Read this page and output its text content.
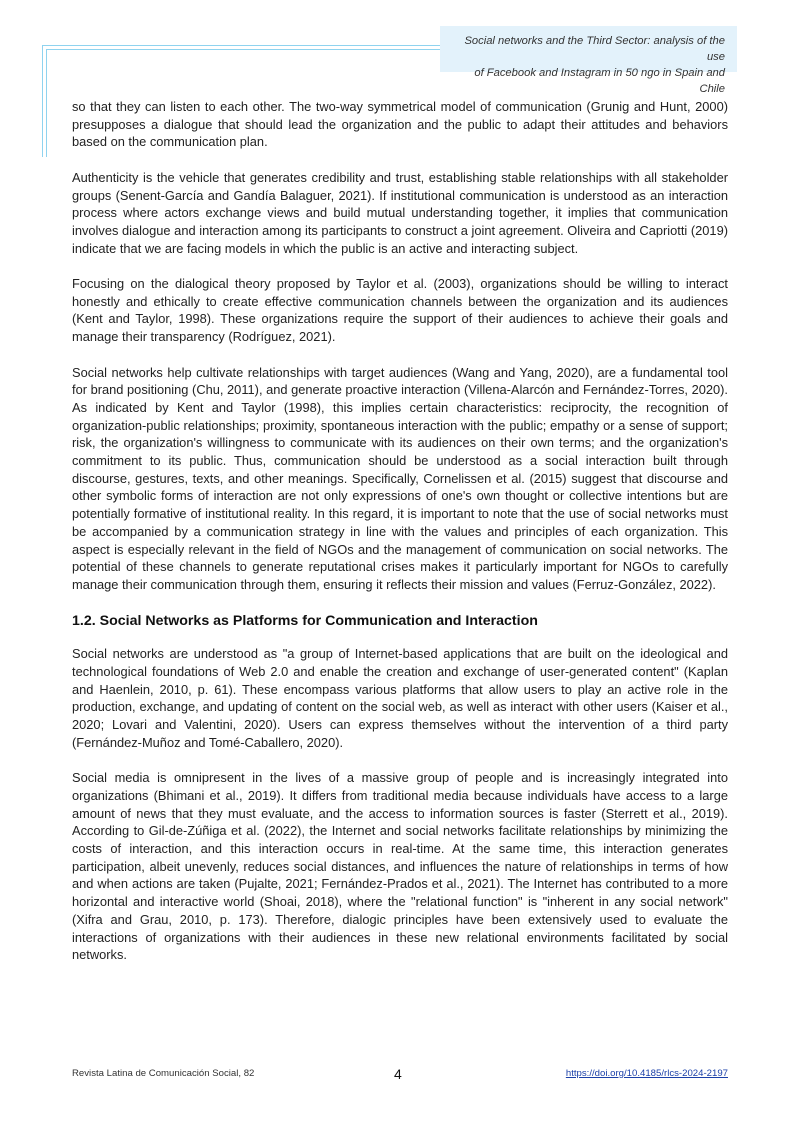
Social networks and the Third Sector: analysis of the use
of Facebook and Instagram in 50 ngo in Spain and Chile

so that they can listen to each other. The two-way symmetrical model of communication (Grunig and Hunt, 2000) presupposes a dialogue that should lead the organization and the public to adapt their attitudes and behaviors based on the communication plan.

Authenticity is the vehicle that generates credibility and trust, establishing stable relationships with all stakeholder groups (Senent-García and Gandía Balaguer, 2021). If institutional communication is understood as an interaction process where actors exchange views and build mutual understanding together, it implies that communication involves dialogue and interaction among its participants to construct a joint agreement. Oliveira and Capriotti (2019) indicate that we are facing models in which the public is an active and interacting subject.

Focusing on the dialogical theory proposed by Taylor et al. (2003), organizations should be willing to interact honestly and ethically to create effective communication channels between the organization and its audiences (Kent and Taylor, 1998). These organizations require the support of their audiences to achieve their goals and manage their transparency (Rodríguez, 2021).

Social networks help cultivate relationships with target audiences (Wang and Yang, 2020), are a fundamental tool for brand positioning (Chu, 2011), and generate proactive interaction (Villena-Alarcón and Fernández-Torres, 2020). As indicated by Kent and Taylor (1998), this implies certain characteristics: reciprocity, the recognition of organization-public relationships; proximity, spontaneous interaction with the public; empathy or a sense of support; risk, the organization's willingness to communicate with its audiences on their own terms; and the organization's commitment to its public. Thus, communication should be understood as a social interaction built through discourse, gestures, texts, and other meanings. Specifically, Cornelissen et al. (2015) suggest that discourse and other symbolic forms of interaction are not only expressions of one's own thought or collective intentions but are potentially formative of institutional reality. In this regard, it is important to note that the use of social networks must be accompanied by a communication strategy in line with the values and principles of each organization. This aspect is especially relevant in the field of NGOs and the management of communication on social networks. The potential of these channels to generate reputational crises makes it particularly important for NGOs to carefully manage their communication through them, ensuring it reflects their mission and values (Ferruz-González, 2022).

1.2. Social Networks as Platforms for Communication and Interaction

Social networks are understood as "a group of Internet-based applications that are built on the ideological and technological foundations of Web 2.0 and enable the creation and exchange of user-generated content" (Kaplan and Haenlein, 2010, p. 61). These encompass various platforms that allow users to play an active role in the production, exchange, and updating of content on the social web, as well as interact with other users (Kaiser et al., 2020; Lovari and Valentini, 2020). Users can express themselves without the intervention of a third party (Fernández-Muñoz and Tomé-Caballero, 2020).

Social media is omnipresent in the lives of a massive group of people and is increasingly integrated into organizations (Bhimani et al., 2019). It differs from traditional media because individuals have access to a large amount of news that they must evaluate, and the access to information sources is faster (Sterrett et al., 2019). According to Gil-de-Zúñiga et al. (2022), the Internet and social networks facilitate relationships by minimizing the costs of interaction, and this interaction occurs in real-time. At the same time, this interaction generates participation, albeit unevenly, reduces social distances, and influences the nature of relationships in terms of how and when actions are taken (Pujalte, 2021; Fernández-Prados et al., 2021). The Internet has contributed to a more horizontal and interactive world (Shoai, 2018), where the "relational function" is "inherent in any social network" (Xifra and Grau, 2010, p. 173). Therefore, dialogic principles have been extensively used to evaluate the interactions of organizations with their audiences in these new relational environments facilitated by social networks.

Revista Latina de Comunicación Social, 82	4	https://doi.org/10.4185/rlcs-2024-2197
